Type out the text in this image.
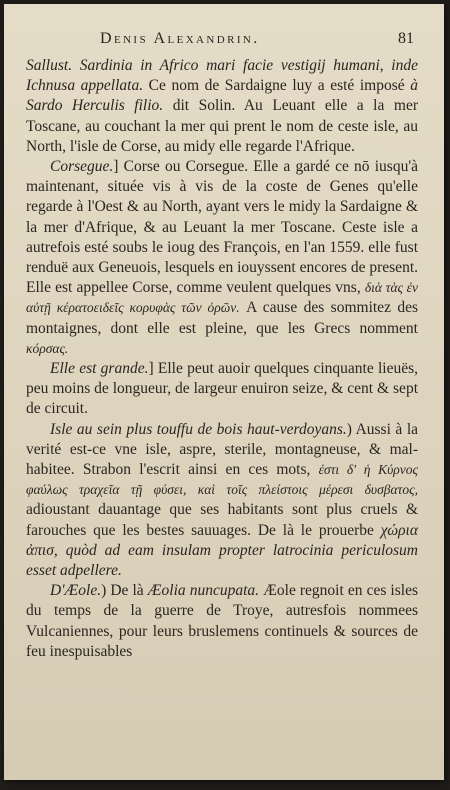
Denis Alexandrin.	81

Sallust. Sardinia in Africo mari facie vestigij humani, inde Ichnusa appellata. Ce nom de Sardaigne luy a esté imposé à Sardo Herculis filio. dit Solin. Au Leuant elle a la mer Toscane, au couchant la mer qui prent le nom de ceste isle, au North, l'isle de Corse, au midy elle regarde l'Afrique.

Corsegue.] Corse ou Corsegue. Elle a gardé ce nō iusqu'à maintenant, située vis à vis de la coste de Genes qu'elle regarde à l'Oest & au North, ayant vers le midy la Sardaigne & la mer d'Afrique, & au Leuant la mer Toscane. Ceste isle a autrefois esté soubs le ioug des François, en l'an 1559. elle fust renduë aux Geneuois, lesquels en iouyssent encores de present. Elle est appellee Corse, comme veulent quelques vns, διὰ τὰς ἐν αὐτῇ κέρατοειδεῖς κορυφὰς τῶν ὀρῶν. A cause des sommitez des montaignes, dont elle est pleine, que les Grecs nomment κόρσας.

Elle est grande.] Elle peut auoir quelques cinquante lieuës, peu moins de longueur, de largeur enuiron seize, & cent & sept de circuit.

Isle au sein plus touffu de bois haut-verdoyans.) Aussi à la verité est-ce vne isle, aspre, sterile, montagneuse, & mal-habitee. Strabon l'escrit ainsi en ces mots, ἐστι δ' ἡ Κύρνος φαύλως τραχεῖα τῇ φύσει, καὶ τοῖς πλείστοις μέρεσι δυσβατος, adioustant dauantage que ses habitants sont plus cruels & farouches que les bestes sauuages. De là le prouerbe χώρια ἀπισ, quòd ad eam insulam propter latrocinia periculosum esset adpellere.

D'Æole.) De là Æolia nuncupata. Æole regnoit en ces isles du temps de la guerre de Troye, autresfois nommees Vulcaniennes, pour leurs bruslemens continuels & sources de feu inespuisables
